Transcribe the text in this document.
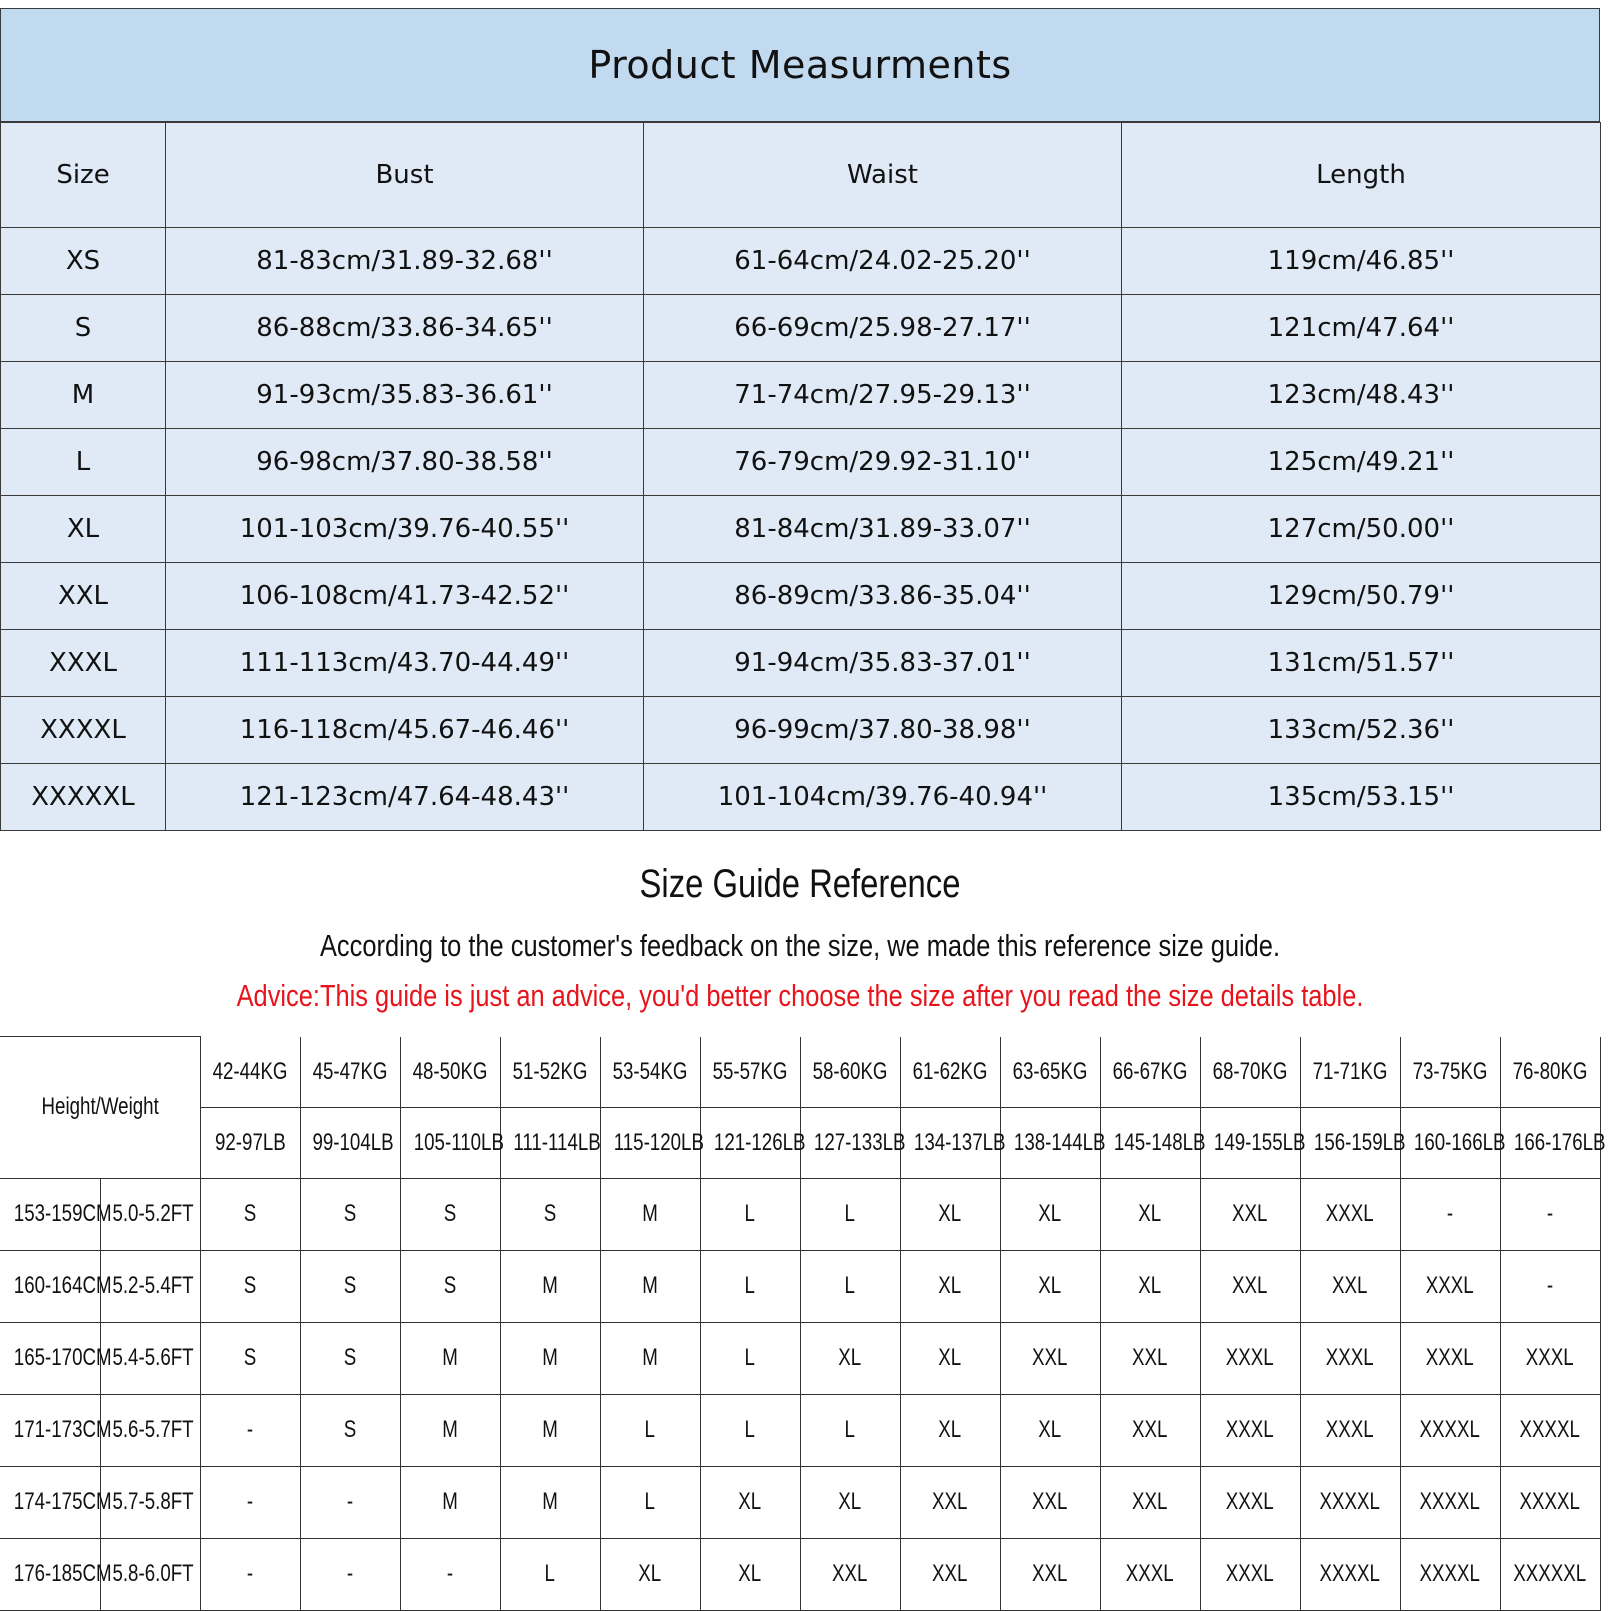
Product Measurments
Size	Bust	Waist	Length
XS	81-83cm/31.89-32.68''	61-64cm/24.02-25.20''	119cm/46.85''
S	86-88cm/33.86-34.65''	66-69cm/25.98-27.17''	121cm/47.64''
M	91-93cm/35.83-36.61''	71-74cm/27.95-29.13''	123cm/48.43''
L	96-98cm/37.80-38.58''	76-79cm/29.92-31.10''	125cm/49.21''
XL	101-103cm/39.76-40.55''	81-84cm/31.89-33.07''	127cm/50.00''
XXL	106-108cm/41.73-42.52''	86-89cm/33.86-35.04''	129cm/50.79''
XXXL	111-113cm/43.70-44.49''	91-94cm/35.83-37.01''	131cm/51.57''
XXXXL	116-118cm/45.67-46.46''	96-99cm/37.80-38.98''	133cm/52.36''
XXXXXL	121-123cm/47.64-48.43''	101-104cm/39.76-40.94''	135cm/53.15''
Size Guide Reference
According to the customer's feedback on the size, we made this reference size guide.
Advice:This guide is just an advice, you'd better choose the size after you read the size details table.
Height/Weight		42-44KG	45-47KG	48-50KG	51-52KG	53-54KG	55-57KG	58-60KG	61-62KG	63-65KG	66-67KG	68-70KG	71-71KG	73-75KG	76-80KG
		92-97LB	99-104LB	105-110LB	111-114LB	115-120LB	121-126LB	127-133LB	134-137LB	138-144LB	145-148LB	149-155LB	156-159LB	160-166LB	166-176LB
153-159CM	5.0-5.2FT	S	S	S	S	M	L	L	XL	XL	XL	XXL	XXXL	-	-
160-164CM	5.2-5.4FT	S	S	S	M	M	L	L	XL	XL	XL	XXL	XXL	XXXL	-
165-170CM	5.4-5.6FT	S	S	M	M	M	L	XL	XL	XXL	XXL	XXXL	XXXL	XXXL	XXXL
171-173CM	5.6-5.7FT	-	S	M	M	L	L	L	XL	XL	XXL	XXXL	XXXL	XXXXL	XXXXL
174-175CM	5.7-5.8FT	-	-	M	M	L	XL	XL	XXL	XXL	XXL	XXXL	XXXXL	XXXXL	XXXXL
176-185CM	5.8-6.0FT	-	-	-	L	XL	XL	XXL	XXL	XXL	XXXL	XXXL	XXXXL	XXXXL	XXXXXL
